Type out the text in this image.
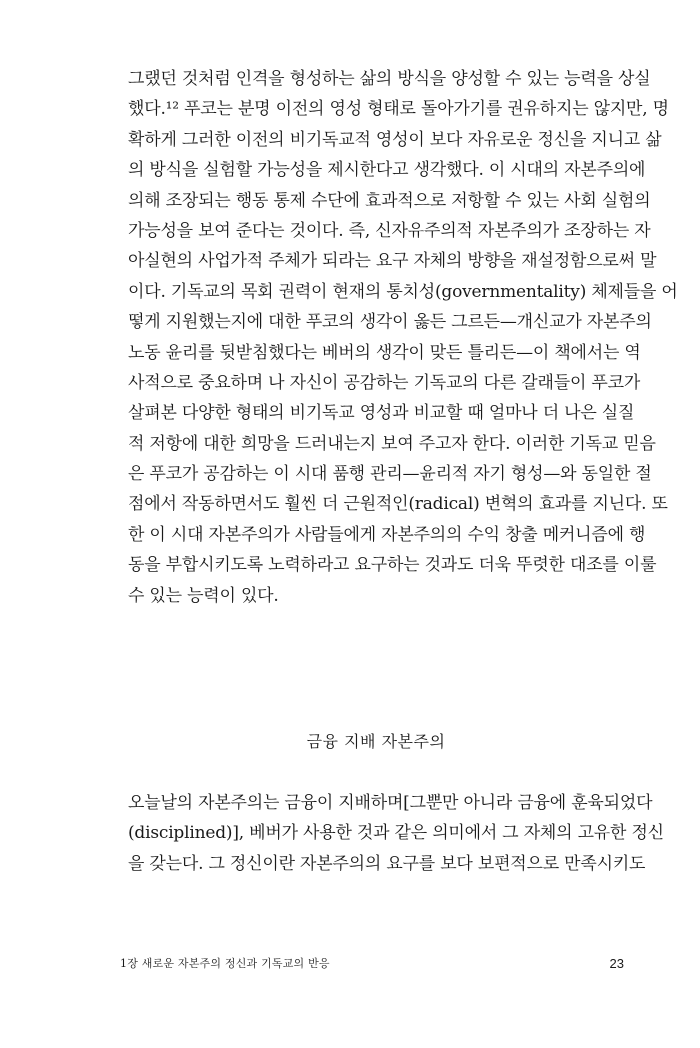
그랬던 것처럼 인격을 형성하는 삶의 방식을 양성할 수 있는 능력을 상실
했다.¹² 푸코는 분명 이전의 영성 형태로 돌아가기를 권유하지는 않지만, 명
확하게 그러한 이전의 비기독교적 영성이 보다 자유로운 정신을 지니고 삶
의 방식을 실험할 가능성을 제시한다고 생각했다. 이 시대의 자본주의에
의해 조장되는 행동 통제 수단에 효과적으로 저항할 수 있는 사회 실험의
가능성을 보여 준다는 것이다. 즉, 신자유주의적 자본주의가 조장하는 자
아실현의 사업가적 주체가 되라는 요구 자체의 방향을 재설정함으로써 말
이다. 기독교의 목회 권력이 현재의 통치성(governmentality) 체제들을 어
떻게 지원했는지에 대한 푸코의 생각이 옳든 그르든—개신교가 자본주의
노동 윤리를 뒷받침했다는 베버의 생각이 맞든 틀리든—이 책에서는 역
사적으로 중요하며 나 자신이 공감하는 기독교의 다른 갈래들이 푸코가
살펴본 다양한 형태의 비기독교 영성과 비교할 때 얼마나 더 나은 실질
적 저항에 대한 희망을 드러내는지 보여 주고자 한다. 이러한 기독교 믿음
은 푸코가 공감하는 이 시대 품행 관리—윤리적 자기 형성—와 동일한 절
점에서 작동하면서도 훨씬 더 근원적인(radical) 변혁의 효과를 지닌다. 또
한 이 시대 자본주의가 사람들에게 자본주의의 수익 창출 메커니즘에 행
동을 부합시키도록 노력하라고 요구하는 것과도 더욱 뚜렷한 대조를 이룰
수 있는 능력이 있다.
금융 지배 자본주의
오늘날의 자본주의는 금융이 지배하며[그뿐만 아니라 금융에 훈육되었다
(disciplined)], 베버가 사용한 것과 같은 의미에서 그 자체의 고유한 정신
을 갖는다. 그 정신이란 자본주의의 요구를 보다 보편적으로 만족시키도
1장 새로운 자본주의 정신과 기독교의 반응	23
